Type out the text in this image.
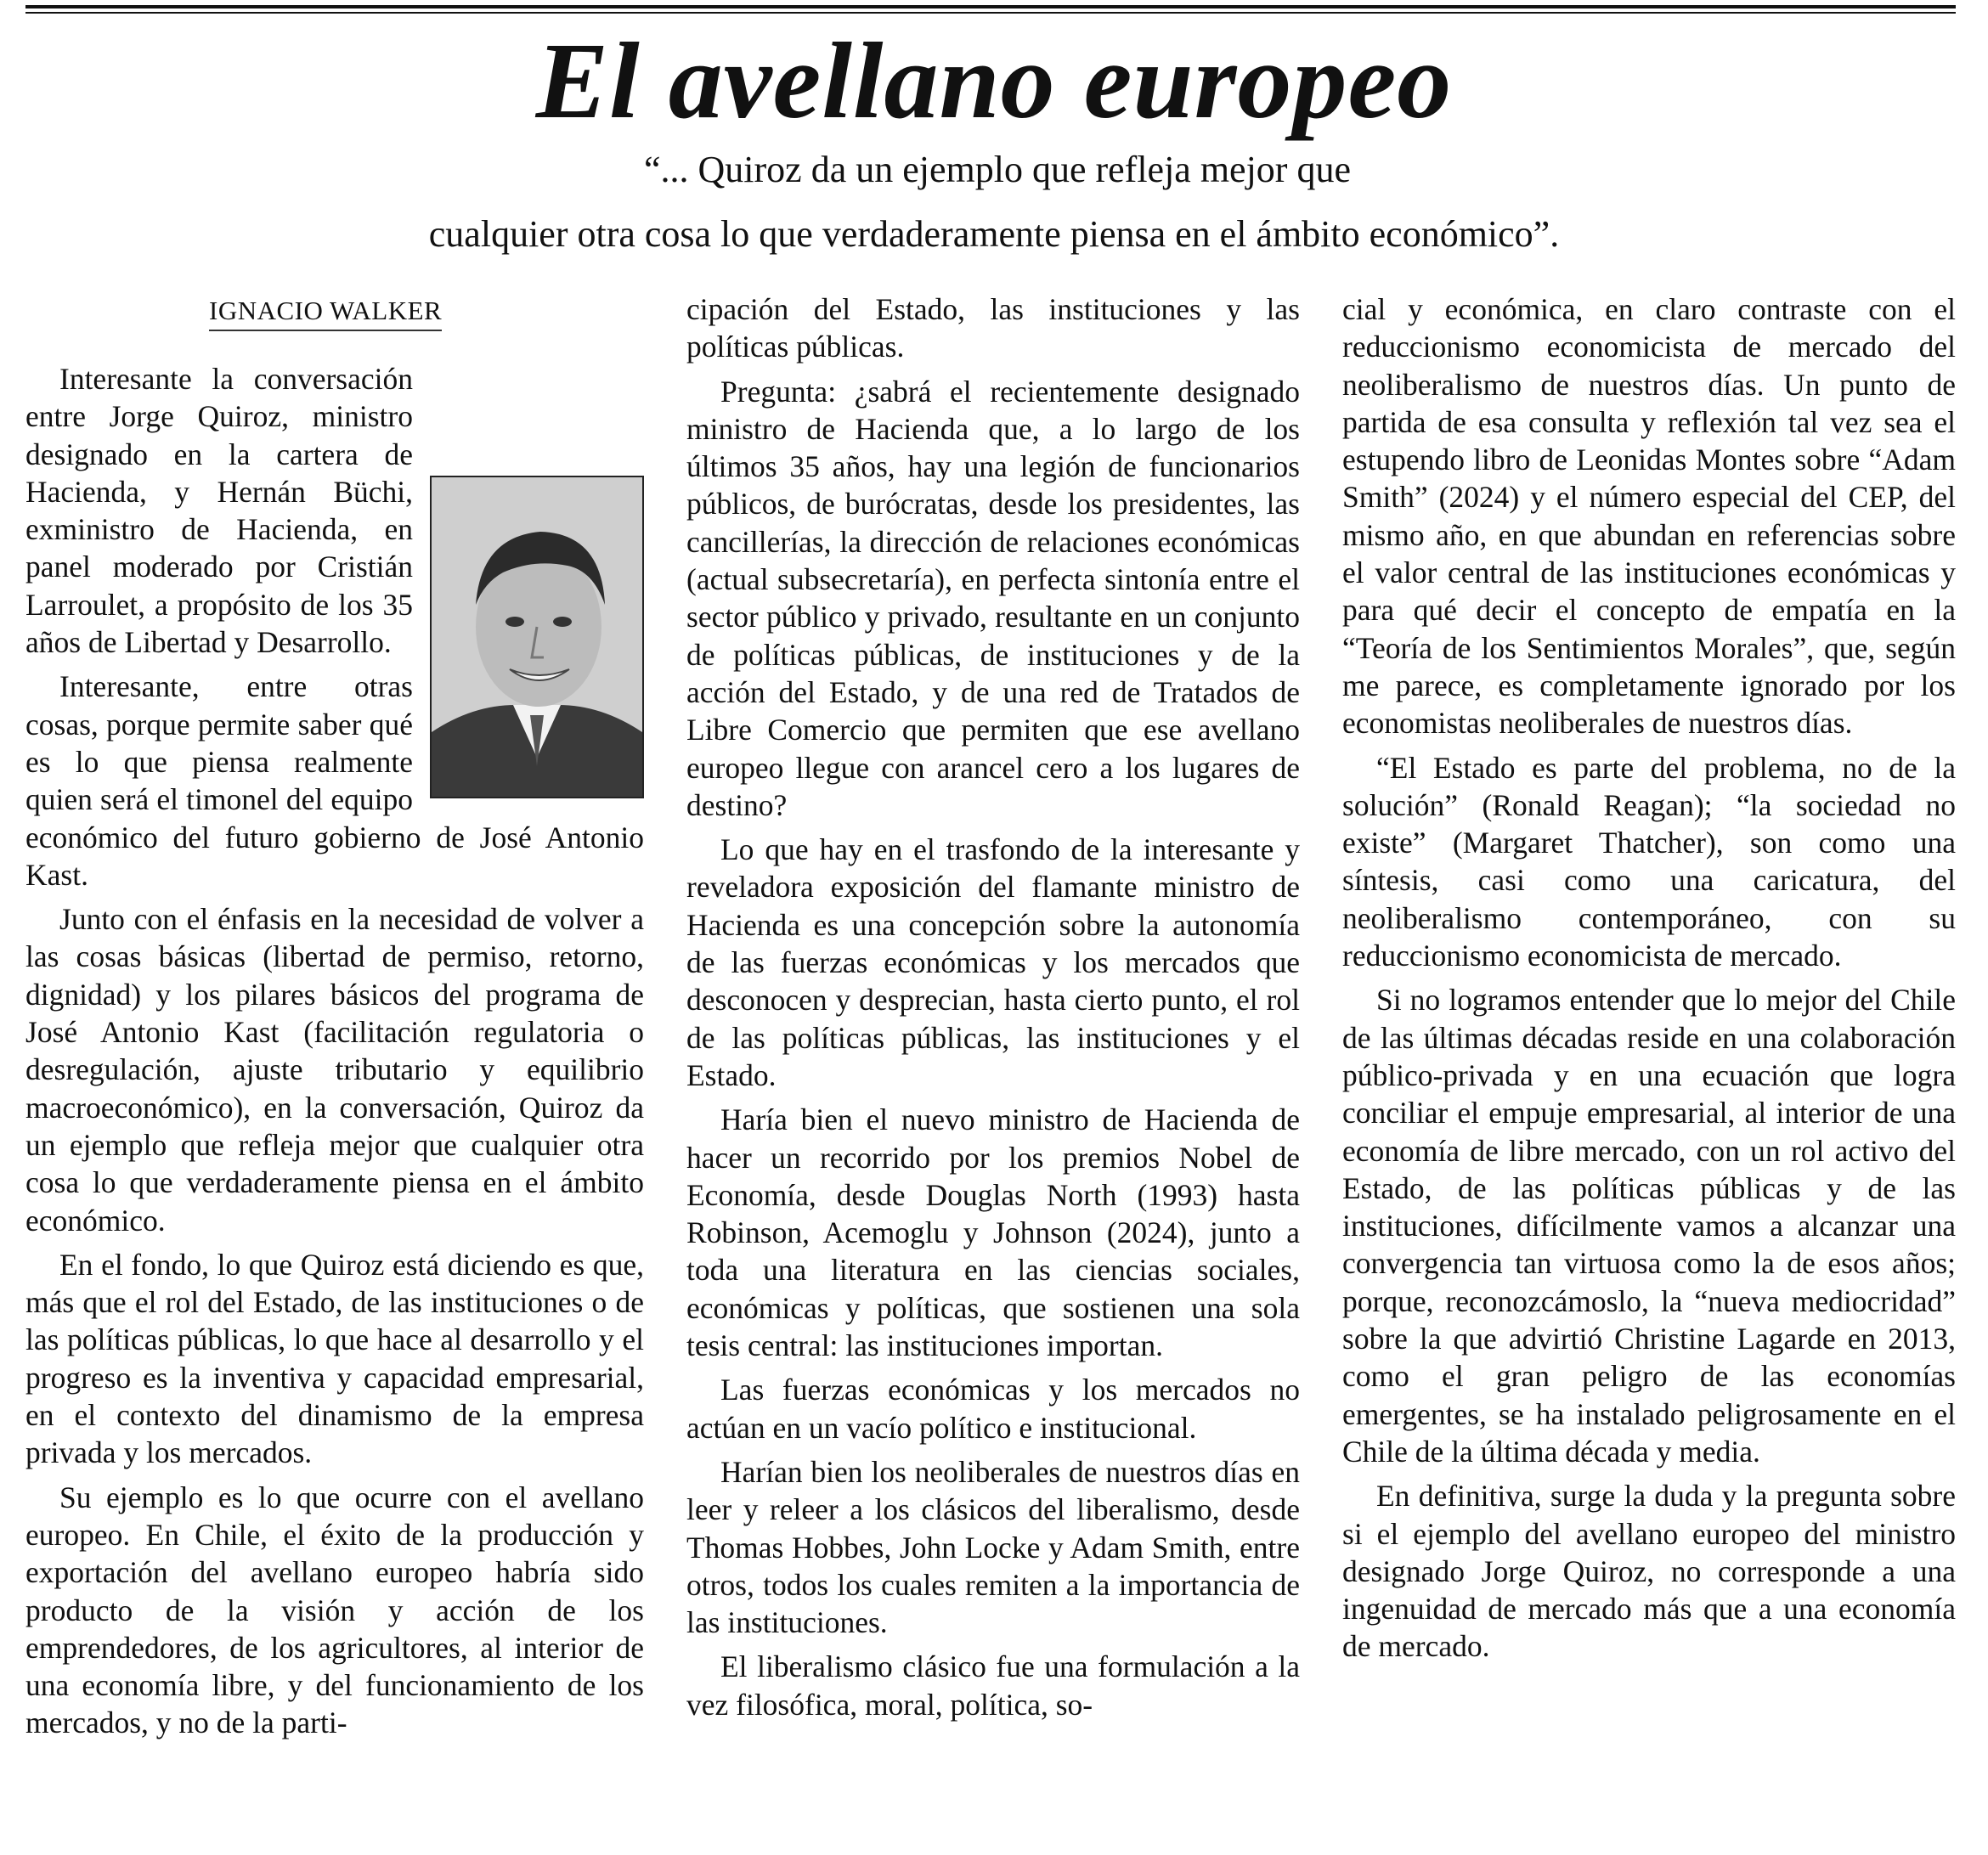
El avellano europeo
“... Quiroz da un ejemplo que refleja mejor que
cualquier otra cosa lo que verdaderamente piensa en el ámbito económico”.
IGNACIO WALKER

Interesante la conversación entre Jorge Quiroz, ministro designado en la cartera de Hacienda, y Hernán Büchi, exministro de Hacienda, en panel moderado por Cristián Larroulet, a propósito de los 35 años de Libertad y Desarrollo.

Interesante, entre otras cosas, porque permite saber qué es lo que piensa realmente quien será el timonel del equipo económico del futuro gobierno de José Antonio Kast.

Junto con el énfasis en la necesidad de volver a las cosas básicas (libertad de permiso, retorno, dignidad) y los pilares básicos del programa de José Antonio Kast (facilitación regulatoria o desregulación, ajuste tributario y equilibrio macroeconómico), en la conversación, Quiroz da un ejemplo que refleja mejor que cualquier otra cosa lo que verdaderamente piensa en el ámbito económico.

En el fondo, lo que Quiroz está diciendo es que, más que el rol del Estado, de las instituciones o de las políticas públicas, lo que hace al desarrollo y el progreso es la inventiva y capacidad empresarial, en el contexto del dinamismo de la empresa privada y los mercados.

Su ejemplo es lo que ocurre con el avellano europeo. En Chile, el éxito de la producción y exportación del avellano europeo habría sido producto de la visión y acción de los emprendedores, de los agricultores, al interior de una economía libre, y del funcionamiento de los mercados, y no de la parti-

cipación del Estado, las instituciones y las políticas públicas.

Pregunta: ¿sabrá el recientemente designado ministro de Hacienda que, a lo largo de los últimos 35 años, hay una legión de funcionarios públicos, de burócratas, desde los presidentes, las cancillerías, la dirección de relaciones económicas (actual subsecretaría), en perfecta sintonía entre el sector público y privado, resultante en un conjunto de políticas públicas, de instituciones y de la acción del Estado, y de una red de Tratados de Libre Comercio que permiten que ese avellano europeo llegue con arancel cero a los lugares de destino?

Lo que hay en el trasfondo de la interesante y reveladora exposición del flamante ministro de Hacienda es una concepción sobre la autonomía de las fuerzas económicas y los mercados que desconocen y desprecian, hasta cierto punto, el rol de las políticas públicas, las instituciones y el Estado.

Haría bien el nuevo ministro de Hacienda de hacer un recorrido por los premios Nobel de Economía, desde Douglas North (1993) hasta Robinson, Acemoglu y Johnson (2024), junto a toda una literatura en las ciencias sociales, económicas y políticas, que sostienen una sola tesis central: las instituciones importan.

Las fuerzas económicas y los mercados no actúan en un vacío político e institucional.

Harían bien los neoliberales de nuestros días en leer y releer a los clásicos del liberalismo, desde Thomas Hobbes, John Locke y Adam Smith, entre otros, todos los cuales remiten a la importancia de las instituciones.

El liberalismo clásico fue una formulación a la vez filosófica, moral, política, so-

cial y económica, en claro contraste con el reduccionismo economicista de mercado del neoliberalismo de nuestros días. Un punto de partida de esa consulta y reflexión tal vez sea el estupendo libro de Leonidas Montes sobre “Adam Smith” (2024) y el número especial del CEP, del mismo año, en que abundan en referencias sobre el valor central de las instituciones económicas y para qué decir el concepto de empatía en la “Teoría de los Sentimientos Morales”, que, según me parece, es completamente ignorado por los economistas neoliberales de nuestros días.

“El Estado es parte del problema, no de la solución” (Ronald Reagan); “la sociedad no existe” (Margaret Thatcher), son como una síntesis, casi como una caricatura, del neoliberalismo contemporáneo, con su reduccionismo economicista de mercado.

Si no logramos entender que lo mejor del Chile de las últimas décadas reside en una colaboración público-privada y en una ecuación que logra conciliar el empuje empresarial, al interior de una economía de libre mercado, con un rol activo del Estado, de las políticas públicas y de las instituciones, difícilmente vamos a alcanzar una convergencia tan virtuosa como la de esos años; porque, reconozcámoslo, la “nueva mediocridad” sobre la que advirtió Christine Lagarde en 2013, como el gran peligro de las economías emergentes, se ha instalado peligrosamente en el Chile de la última década y media.

En definitiva, surge la duda y la pregunta sobre si el ejemplo del avellano europeo del ministro designado Jorge Quiroz, no corresponde a una ingenuidad de mercado más que a una economía de mercado.
